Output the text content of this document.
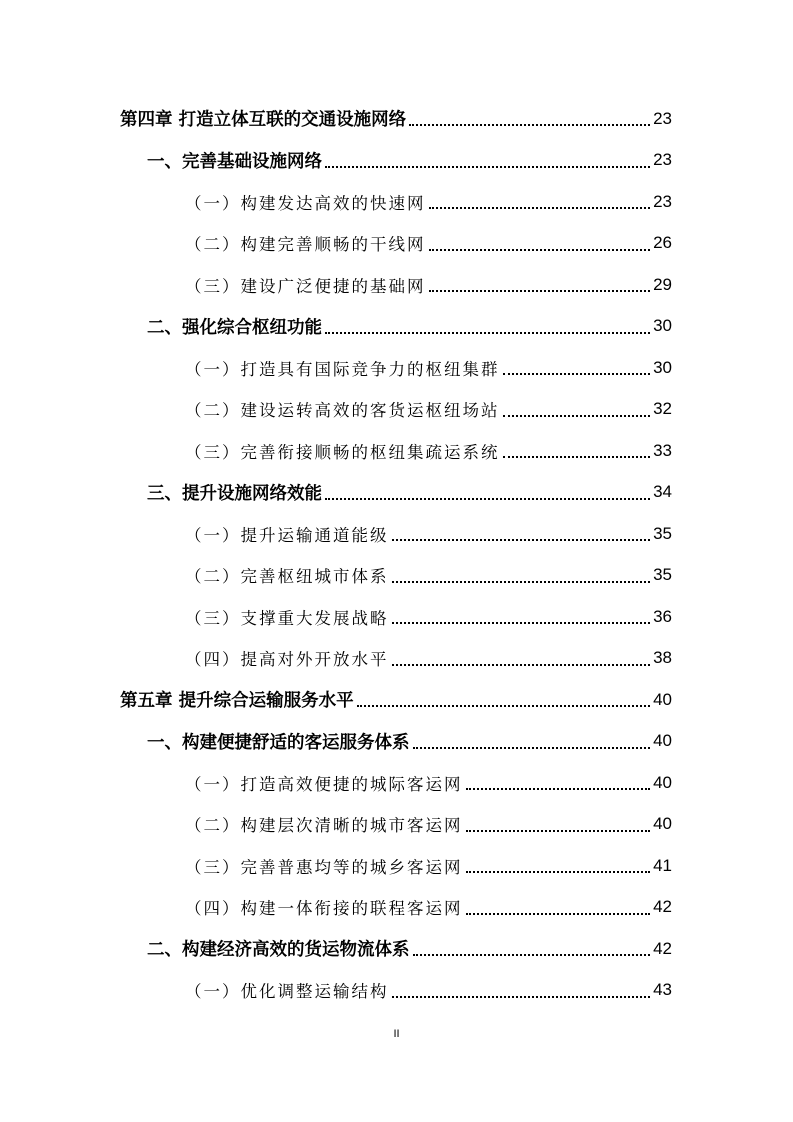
第四章 打造立体互联的交通设施网络	23
一、完善基础设施网络	23
（一）构建发达高效的快速网	23
（二）构建完善顺畅的干线网	26
（三）建设广泛便捷的基础网	29
二、强化综合枢纽功能	30
（一）打造具有国际竞争力的枢纽集群	30
（二）建设运转高效的客货运枢纽场站	32
（三）完善衔接顺畅的枢纽集疏运系统	33
三、提升设施网络效能	34
（一）提升运输通道能级	35
（二）完善枢纽城市体系	35
（三）支撑重大发展战略	36
（四）提高对外开放水平	38
第五章 提升综合运输服务水平	40
一、构建便捷舒适的客运服务体系	40
（一）打造高效便捷的城际客运网	40
（二）构建层次清晰的城市客运网	40
（三）完善普惠均等的城乡客运网	41
（四）构建一体衔接的联程客运网	42
二、构建经济高效的货运物流体系	42
（一）优化调整运输结构	43
II
